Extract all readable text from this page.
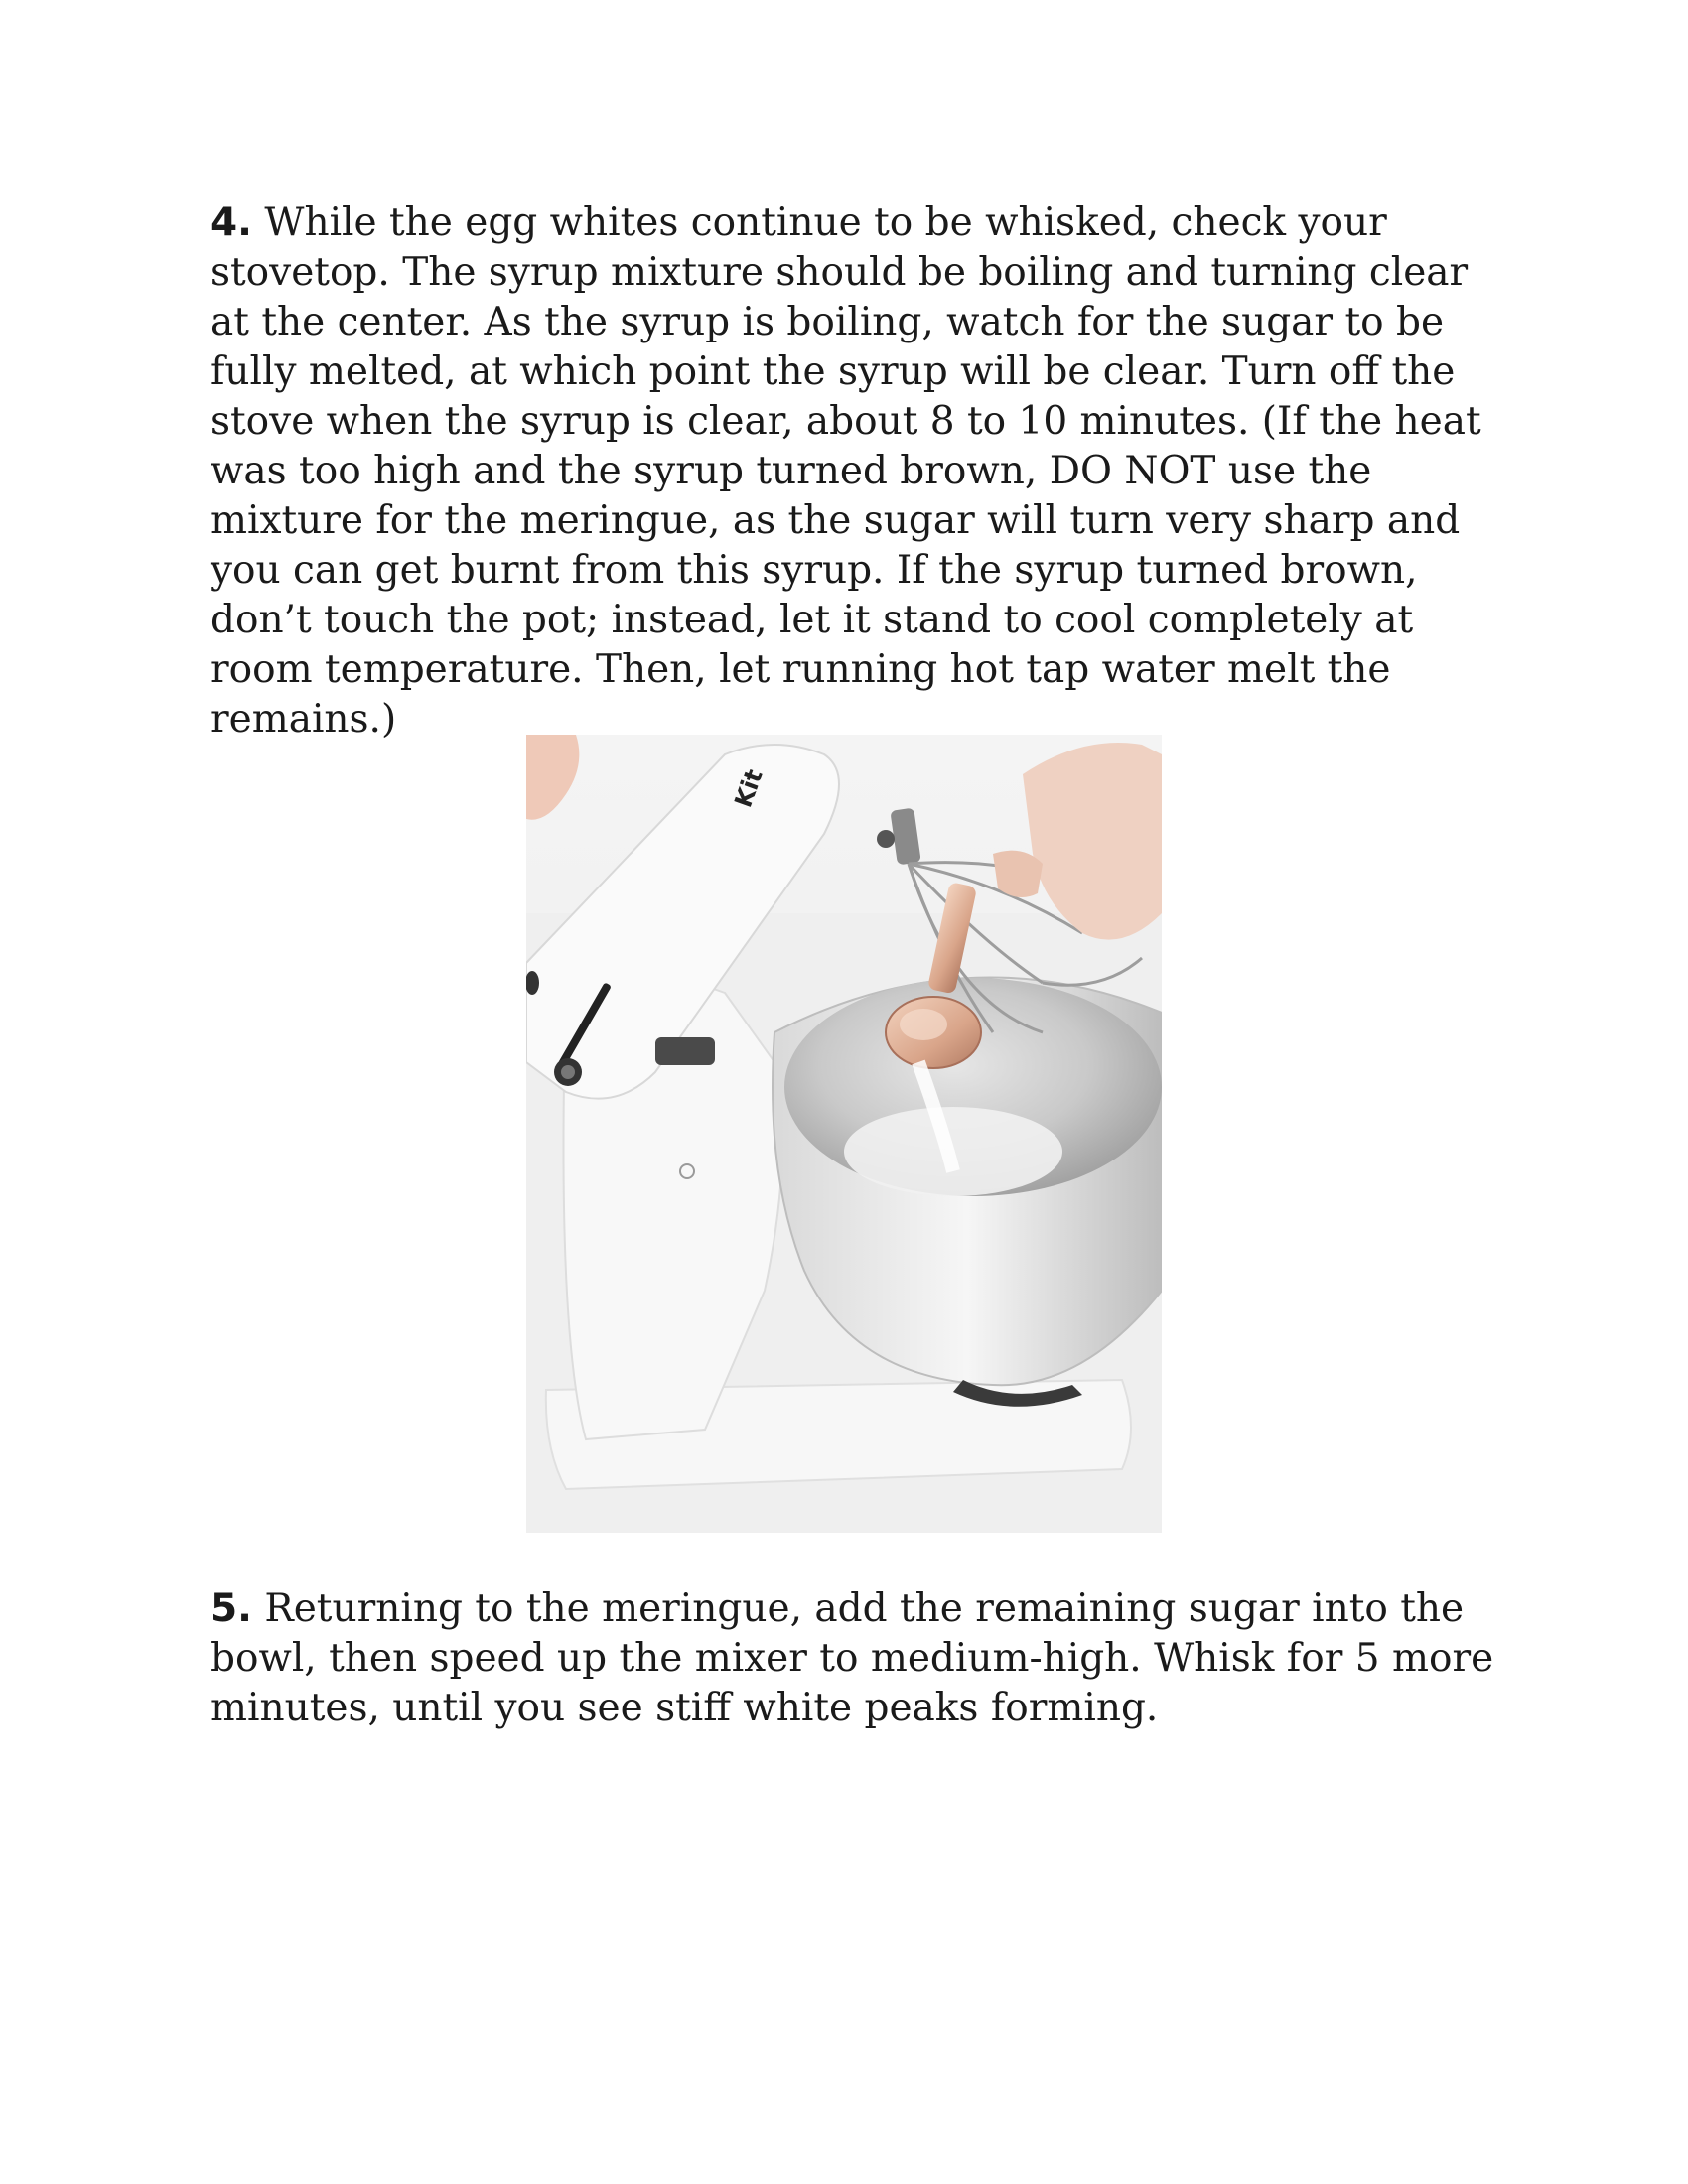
4. While the egg whites continue to be whisked, check your stovetop. The syrup mixture should be boiling and turning clear at the center. As the syrup is boiling, watch for the sugar to be fully melted, at which point the syrup will be clear. Turn off the stove when the syrup is clear, about 8 to 10 minutes. (If the heat was too high and the syrup turned brown, DO NOT use the mixture for the meringue, as the sugar will turn very sharp and you can get burnt from this syrup. If the syrup turned brown, don’t touch the pot; instead, let it stand to cool completely at room temperature. Then, let running hot tap water melt the remains.)

Kit

5. Returning to the meringue, add the remaining sugar into the bowl, then speed up the mixer to medium-high. Whisk for 5 more minutes, until you see stiff white peaks forming.
